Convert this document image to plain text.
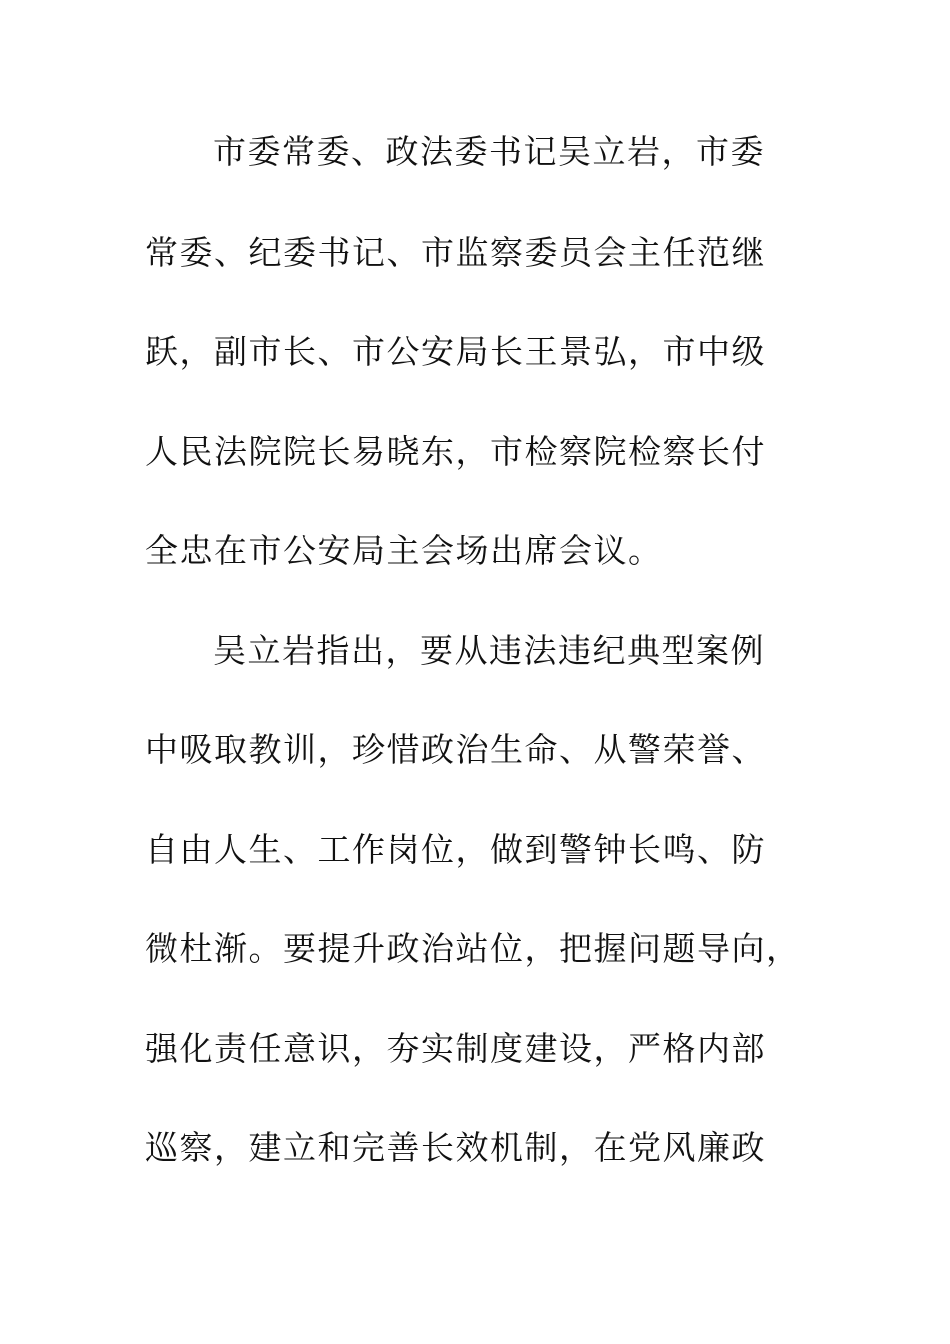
市委常委、政法委书记吴立岩，市委
常委、纪委书记、市监察委员会主任范继
跃，副市长、市公安局长王景弘，市中级
人民法院院长易晓东，市检察院检察长付
全忠在市公安局主会场出席会议。
吴立岩指出，要从违法违纪典型案例
中吸取教训，珍惜政治生命、从警荣誉、
自由人生、工作岗位，做到警钟长鸣、防
微杜渐。要提升政治站位，把握问题导向，
强化责任意识，夯实制度建设，严格内部
巡察，建立和完善长效机制，在党风廉政
